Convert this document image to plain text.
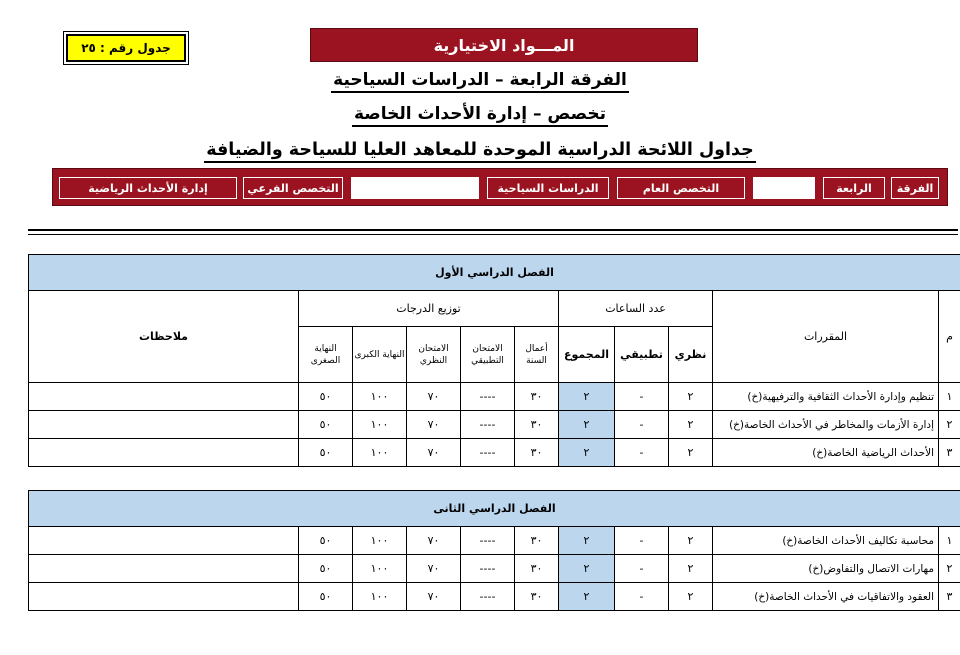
جدول رقم : ٢٥	المـــواد الاختيارية
الفرقة الرابعة – الدراسات السياحية
تخصص – إدارة الأحداث الخاصة
جداول اللائحة الدراسية الموحدة للمعاهد العليا للسياحة والضيافة
الفرقة
الرابعة
التخصص العام
الدراسات السياحية
التخصص الفرعي
إدارة الأحداث الرياضية
الفصل الدراسي الأول										
ملاحظات	توزيع الدرجات					عدد الساعات			المقررات	م
	النهاية الصغرى	النهاية الكبرى	الامتحان النظري	الامتحان التطبيقي	أعمال السنة	المجموع	تطبيقي	نظري		
	٥٠	١٠٠	٧٠	----	٣٠	٢	-	٢	تنظيم وإدارة الأحداث الثقافية والترفيهية(خ)	١
	٥٠	١٠٠	٧٠	----	٣٠	٢	-	٢	إدارة الأزمات والمخاطر في الأحداث الخاصة(خ)	٢
	٥٠	١٠٠	٧٠	----	٣٠	٢	-	٢	الأحداث الرياضية الخاصة(خ)	٣
الفصل الدراسي الثانى										
	٥٠	١٠٠	٧٠	----	٣٠	٢	-	٢	محاسبة تكاليف الأحداث الخاصة(خ)	١
	٥٠	١٠٠	٧٠	----	٣٠	٢	-	٢	مهارات الاتصال والتفاوض(خ)	٢
	٥٠	١٠٠	٧٠	----	٣٠	٢	-	٢	العقود والاتفاقيات في الأحداث الخاصة(خ)	٣
